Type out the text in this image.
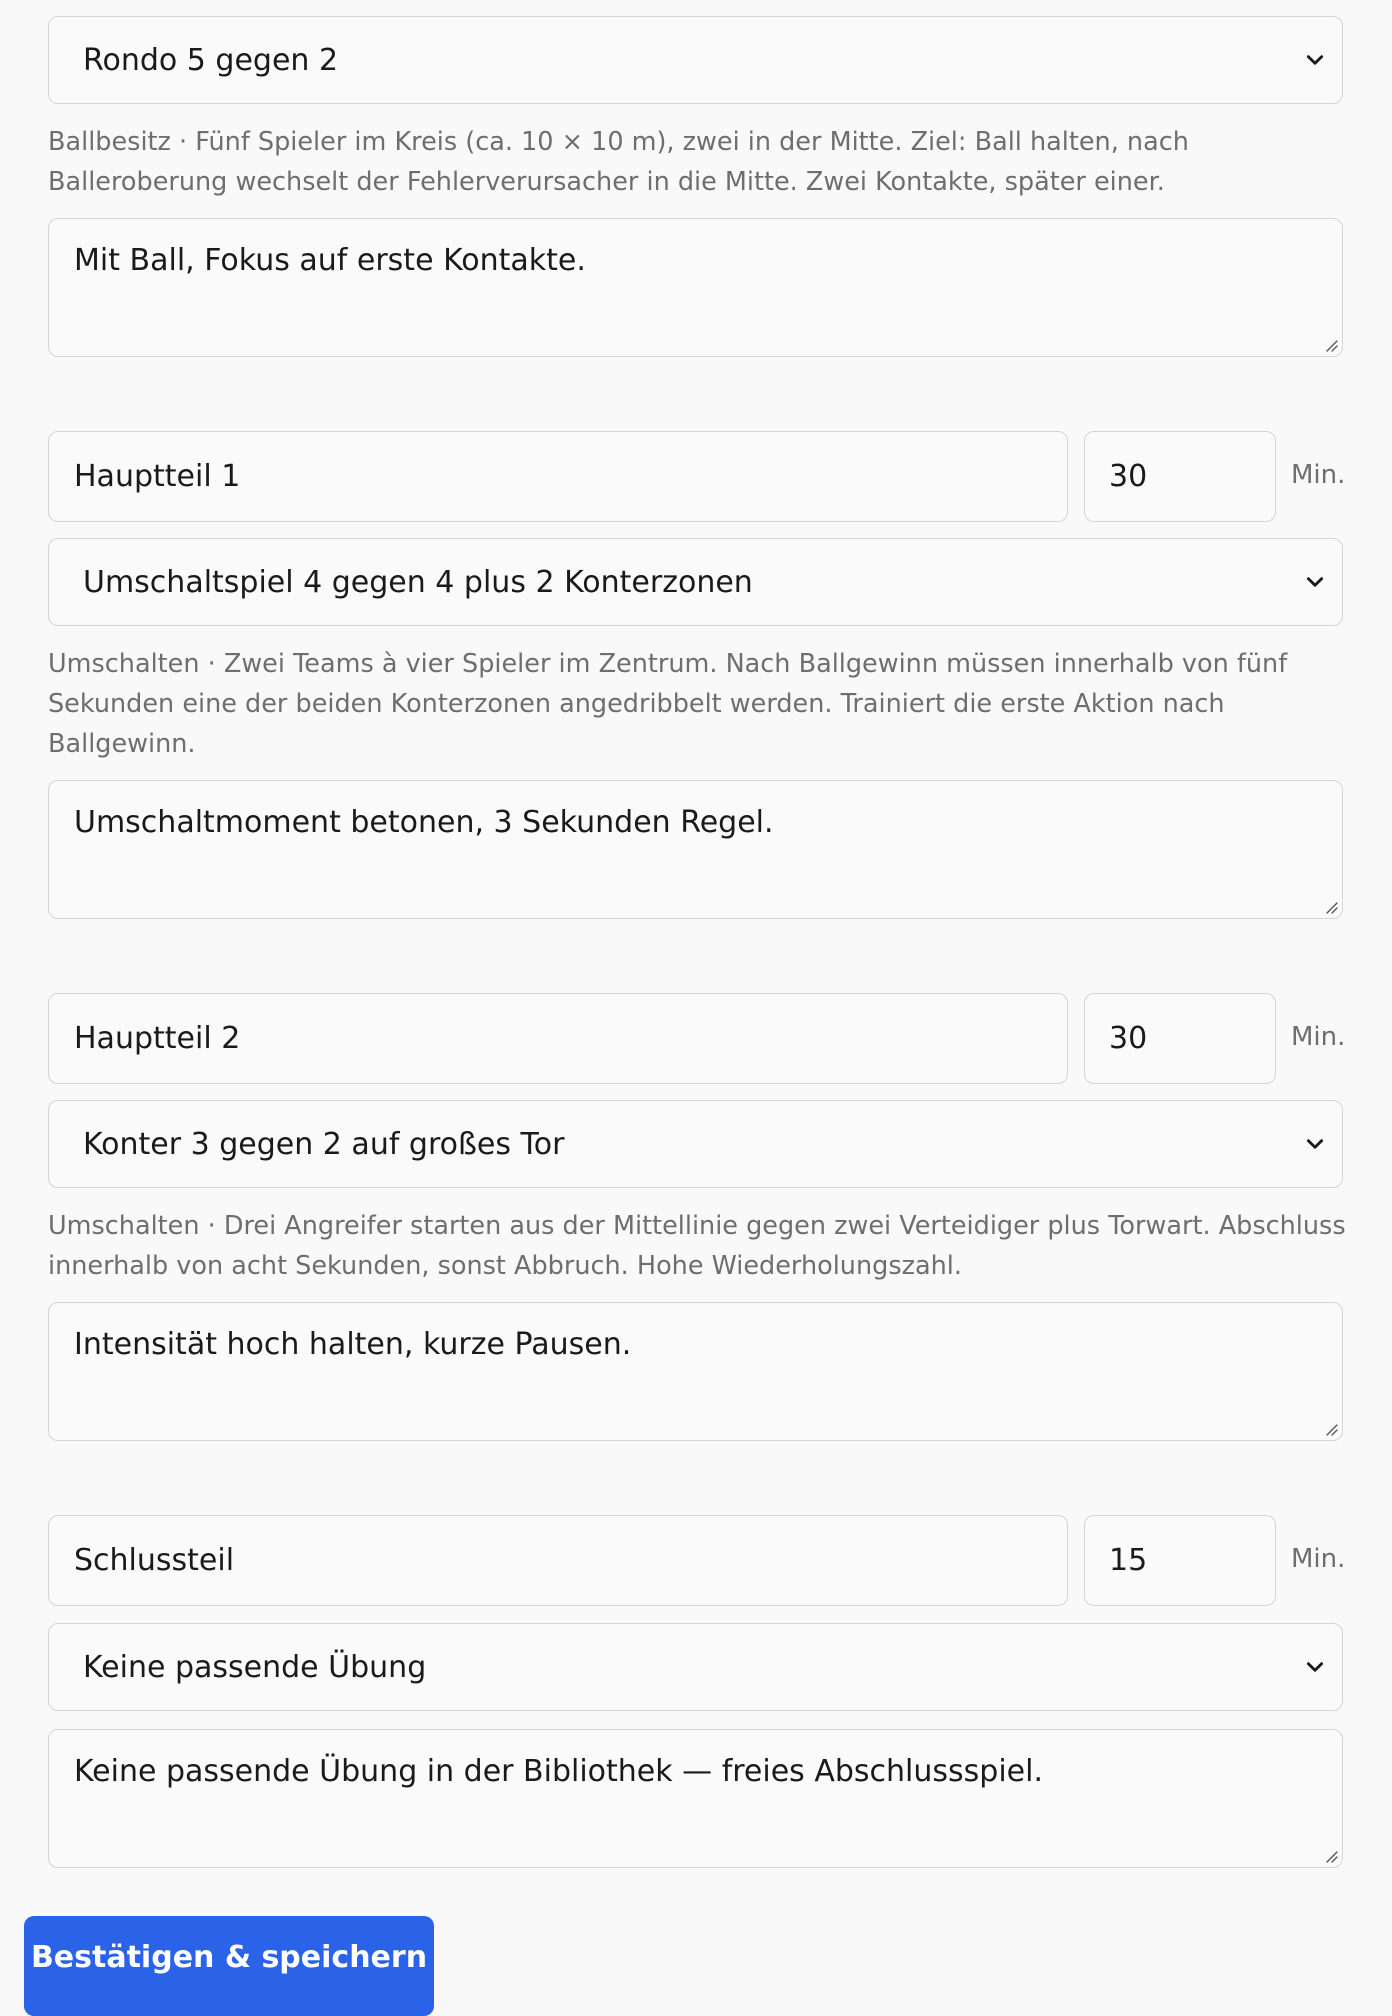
Rondo 5 gegen 2

Ballbesitz · Fünf Spieler im Kreis (ca. 10 × 10 m), zwei in der Mitte. Ziel: Ball halten, nach Balleroberung wechselt der Fehlerverursacher in die Mitte. Zwei Kontakte, später einer.

Mit Ball, Fokus auf erste Kontakte.
Hauptteil 1	30	Min.
Umschaltspiel 4 gegen 4 plus 2 Konterzonen

Umschalten · Zwei Teams à vier Spieler im Zentrum. Nach Ballgewinn müssen innerhalb von fünf Sekunden eine der beiden Konterzonen angedribbelt werden. Trainiert die erste Aktion nach Ballgewinn.

Umschaltmoment betonen, 3 Sekunden Regel.
Hauptteil 2	30	Min.
Konter 3 gegen 2 auf großes Tor

Umschalten · Drei Angreifer starten aus der Mittellinie gegen zwei Verteidiger plus Torwart. Abschluss innerhalb von acht Sekunden, sonst Abbruch. Hohe Wiederholungszahl.

Intensität hoch halten, kurze Pausen.
Schlussteil	15	Min.
Keine passende Übung
Keine passende Übung in der Bibliothek — freies Abschlussspiel.
Bestätigen & speichern
